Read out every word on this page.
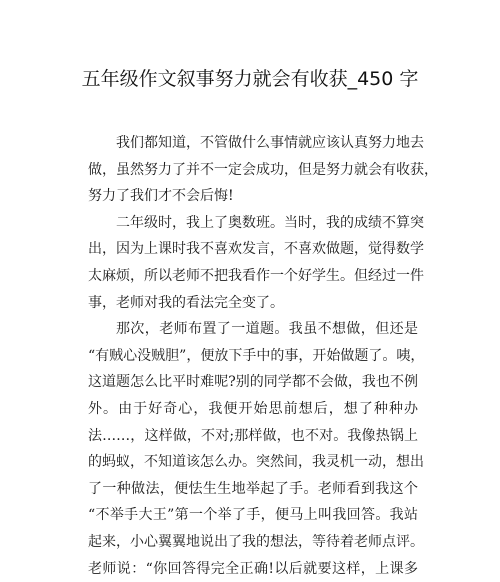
五年级作文叙事努力就会有收获_450 字
我们都知道，不管做什么事情就应该认真努力地去
做，虽然努力了并不一定会成功，但是努力就会有收获，
努力了我们才不会后悔!
二年级时，我上了奥数班。当时，我的成绩不算突
出，因为上课时我不喜欢发言，不喜欢做题，觉得数学
太麻烦，所以老师不把我看作一个好学生。但经过一件
事，老师对我的看法完全变了。
那次，老师布置了一道题。我虽不想做，但还是
“有贼心没贼胆”，便放下手中的事，开始做题了。咦，
这道题怎么比平时难呢?别的同学都不会做，我也不例
外。由于好奇心，我便开始思前想后，想了种种办
法……，这样做，不对;那样做，也不对。我像热锅上
的蚂蚁，不知道该怎么办。突然间，我灵机一动，想出
了一种做法，便怯生生地举起了手。老师看到我这个
“不举手大王”第一个举了手，便马上叫我回答。我站
起来，小心翼翼地说出了我的想法，等待着老师点评。
老师说：“你回答得完全正确!以后就要这样，上课多
